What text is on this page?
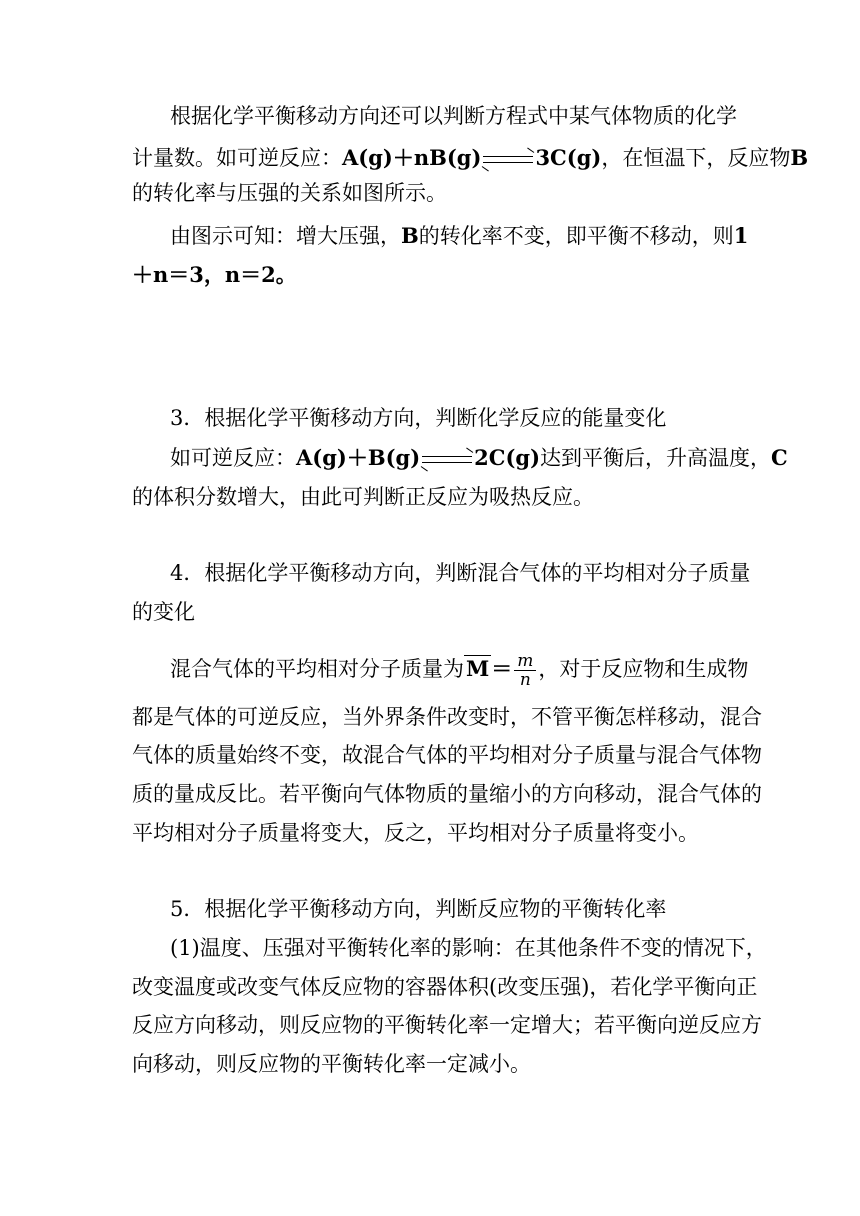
根据化学平衡移动方向还可以判断方程式中某气体物质的化学
计量数。如可逆反应：A(g)＋nB(g)	3C(g)，在恒温下，反应物B
的转化率与压强的关系如图所示。
由图示可知：增大压强，B的转化率不变，即平衡不移动，则1
＋n＝3，n＝2。
3．根据化学平衡移动方向，判断化学反应的能量变化
如可逆反应：A(g)＋B(g)	2C(g)达到平衡后，升高温度，C
的体积分数增大，由此可判断正反应为吸热反应。
4．根据化学平衡移动方向，判断混合气体的平均相对分子质量
的变化
混合气体的平均相对分子质量为$M= \frac{m}{n}$ ，对于反应物和生成物
都是气体的可逆反应，当外界条件改变时，不管平衡怎样移动，混合
气体的质量始终不变，故混合气体的平均相对分子质量与混合气体物
质的量成反比。若平衡向气体物质的量缩小的方向移动，混合气体的
平均相对分子质量将变大，反之，平均相对分子质量将变小。
5．根据化学平衡移动方向，判断反应物的平衡转化率
(1)温度、压强对平衡转化率的影响：在其他条件不变的情况下，
改变温度或改变气体反应物的容器体积(改变压强)，若化学平衡向正
反应方向移动，则反应物的平衡转化率一定增大；若平衡向逆反应方
向移动，则反应物的平衡转化率一定减小。
